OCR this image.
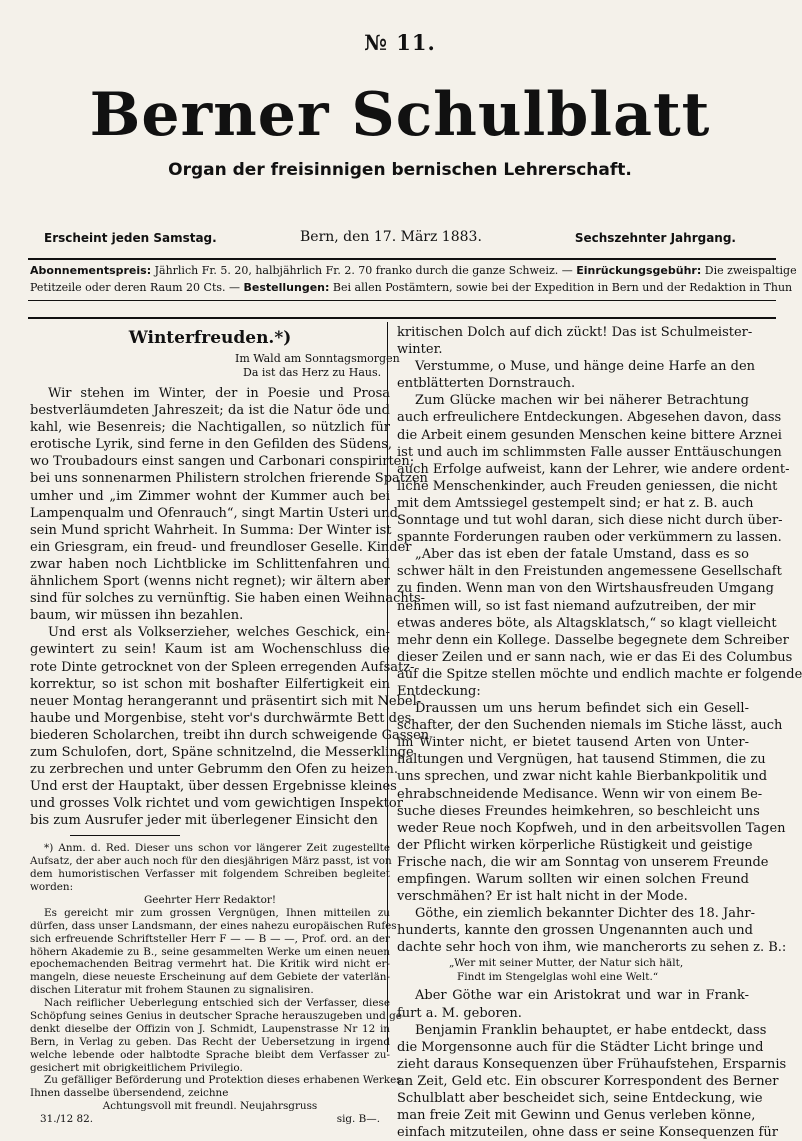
№ 11.
Berner Schulblatt
Organ der freisinnigen bernischen Lehrerschaft.
Erscheint jeden Samstag.	Bern, den 17. März 1883.	Sechszehnter Jahrgang.
Abonnementspreis: Jährlich Fr. 5. 20, halbjährlich Fr. 2. 70 franko durch die ganze Schweiz. — Einrückungsgebühr: Die zweispaltige
Petitzeile oder deren Raum 20 Cts. — Bestellungen: Bei allen Postämtern, sowie bei der Expedition in Bern und der Redaktion in Thun
Winterfreuden.*)
Im Wald am Sonntagsmorgen
Da ist das Herz zu Haus.
Wir stehen im Winter, der in Poesie und Prosa
bestverläumdeten Jahreszeit; da ist die Natur öde und
kahl, wie Besenreis; die Nachtigallen, so nützlich für
erotische Lyrik, sind ferne in den Gefilden des Südens,
wo Troubadours einst sangen und Carbonari conspirirten;
bei uns sonnenarmen Philistern strolchen frierende Spatzen
umher und „im Zimmer wohnt der Kummer auch bei
Lampenqualm und Ofenrauch“, singt Martin Usteri und
sein Mund spricht Wahrheit. In Summa: Der Winter ist
ein Griesgram, ein freud- und freundloser Geselle. Kinder
zwar haben noch Lichtblicke im Schlittenfahren und
ähnlichem Sport (wenns nicht regnet); wir ältern aber
sind für solches zu vernünftig. Sie haben einen Weihnachts-
baum, wir müssen ihn bezahlen.
Und erst als Volkserzieher, welches Geschick, ein-
gewintert zu sein! Kaum ist am Wochenschluss die
rote Dinte getrocknet von der Spleen erregenden Aufsatz-
korrektur, so ist schon mit boshafter Eilfertigkeit ein
neuer Montag herangerannt und präsentirt sich mit Nebel-
haube und Morgenbise, steht vor's durchwärmte Bett des
biederen Scholarchen, treibt ihn durch schweigende Gassen
zum Schulofen, dort, Späne schnitzelnd, die Messerklinge
zu zerbrechen und unter Gebrumm den Ofen zu heizen.
Und erst der Hauptakt, über dessen Ergebnisse kleines
und grosses Volk richtet und vom gewichtigen Inspektor
bis zum Ausrufer jeder mit überlegener Einsicht den
*) Anm. d. Red. Dieser uns schon vor längerer Zeit zugestellte
Aufsatz, der aber auch noch für den diesjährigen März passt, ist von
dem humoristischen Verfasser mit folgendem Schreiben begleitet
worden:
Geehrter Herr Redaktor!
Es gereicht mir zum grossen Vergnügen, Ihnen mitteilen zu
dürfen, dass unser Landsmann, der eines nahezu europäischen Rufes
sich erfreuende Schriftsteller Herr F — — B — —, Prof. ord. an der
höhern Akademie zu B., seine gesammelten Werke um einen neuen
epochemachenden Beitrag vermehrt hat. Die Kritik wird nicht er-
mangeln, diese neueste Erscheinung auf dem Gebiete der vaterlän-
dischen Literatur mit frohem Staunen zu signalisiren.
Nach reiflicher Ueberlegung entschied sich der Verfasser, diese
Schöpfung seines Genius in deutscher Sprache herauszugeben und ge-
denkt dieselbe der Offizin von J. Schmidt, Laupenstrasse Nr 12 in
Bern, in Verlag zu geben. Das Recht der Uebersetzung in irgend
welche lebende oder halbtodte Sprache bleibt dem Verfasser zu-
gesichert mit obrigkeitlichem Privilegio.
Zu gefälliger Beförderung und Protektion dieses erhabenen Werkes
Ihnen dasselbe übersendend, zeichne
Achtungsvoll mit freundl. Neujahrsgruss
31./12 82.	sig. B—.
kritischen Dolch auf dich zückt! Das ist Schulmeister-
winter.
Verstumme, o Muse, und hänge deine Harfe an den
entblätterten Dornstrauch.
Zum Glücke machen wir bei näherer Betrachtung
auch erfreulichere Entdeckungen. Abgesehen davon, dass
die Arbeit einem gesunden Menschen keine bittere Arznei
ist und auch im schlimmsten Falle ausser Enttäuschungen
auch Erfolge aufweist, kann der Lehrer, wie andere ordent-
liche Menschenkinder, auch Freuden geniessen, die nicht
mit dem Amtssiegel gestempelt sind; er hat z. B. auch
Sonntage und tut wohl daran, sich diese nicht durch über-
spannte Forderungen rauben oder verkümmern zu lassen.
„Aber das ist eben der fatale Umstand, dass es so
schwer hält in den Freistunden angemessene Gesellschaft
zu finden. Wenn man von den Wirtshausfreuden Umgang
nehmen will, so ist fast niemand aufzutreiben, der mir
etwas anderes böte, als Altagsklatsch,“ so klagt vielleicht
mehr denn ein Kollege. Dasselbe begegnete dem Schreiber
dieser Zeilen und er sann nach, wie er das Ei des Columbus
auf die Spitze stellen möchte und endlich machte er folgende
Entdeckung:
Draussen um uns herum befindet sich ein Gesell-
schafter, der den Suchenden niemals im Stiche lässt, auch
im Winter nicht, er bietet tausend Arten von Unter-
haltungen und Vergnügen, hat tausend Stimmen, die zu
uns sprechen, und zwar nicht kahle Bierbankpolitik und
ehrabschneidende Medisance. Wenn wir von einem Be-
suche dieses Freundes heimkehren, so beschleicht uns
weder Reue noch Kopfweh, und in den arbeitsvollen Tagen
der Pflicht wirken körperliche Rüstigkeit und geistige
Frische nach, die wir am Sonntag von unserem Freunde
empfingen. Warum sollten wir einen solchen Freund
verschmähen? Er ist halt nicht in der Mode.
Göthe, ein ziemlich bekannter Dichter des 18. Jahr-
hunderts, kannte den grossen Ungenannten auch und
dachte sehr hoch von ihm, wie mancherorts zu sehen z. B.:
„Wer mit seiner Mutter, der Natur sich hält,
Findt im Stengelglas wohl eine Welt.“
Aber Göthe war ein Aristokrat und war in Frank-
furt a. M. geboren.
Benjamin Franklin behauptet, er habe entdeckt, dass
die Morgensonne auch für die Städter Licht bringe und
zieht daraus Konsequenzen über Frühaufstehen, Ersparnis
an Zeit, Geld etc. Ein obscurer Korrespondent des Berner
Schulblatt aber bescheidet sich, seine Entdeckung, wie
man freie Zeit mit Gewinn und Genus verleben könne,
einfach mitzuteilen, ohne dass er seine Konsequenzen für
